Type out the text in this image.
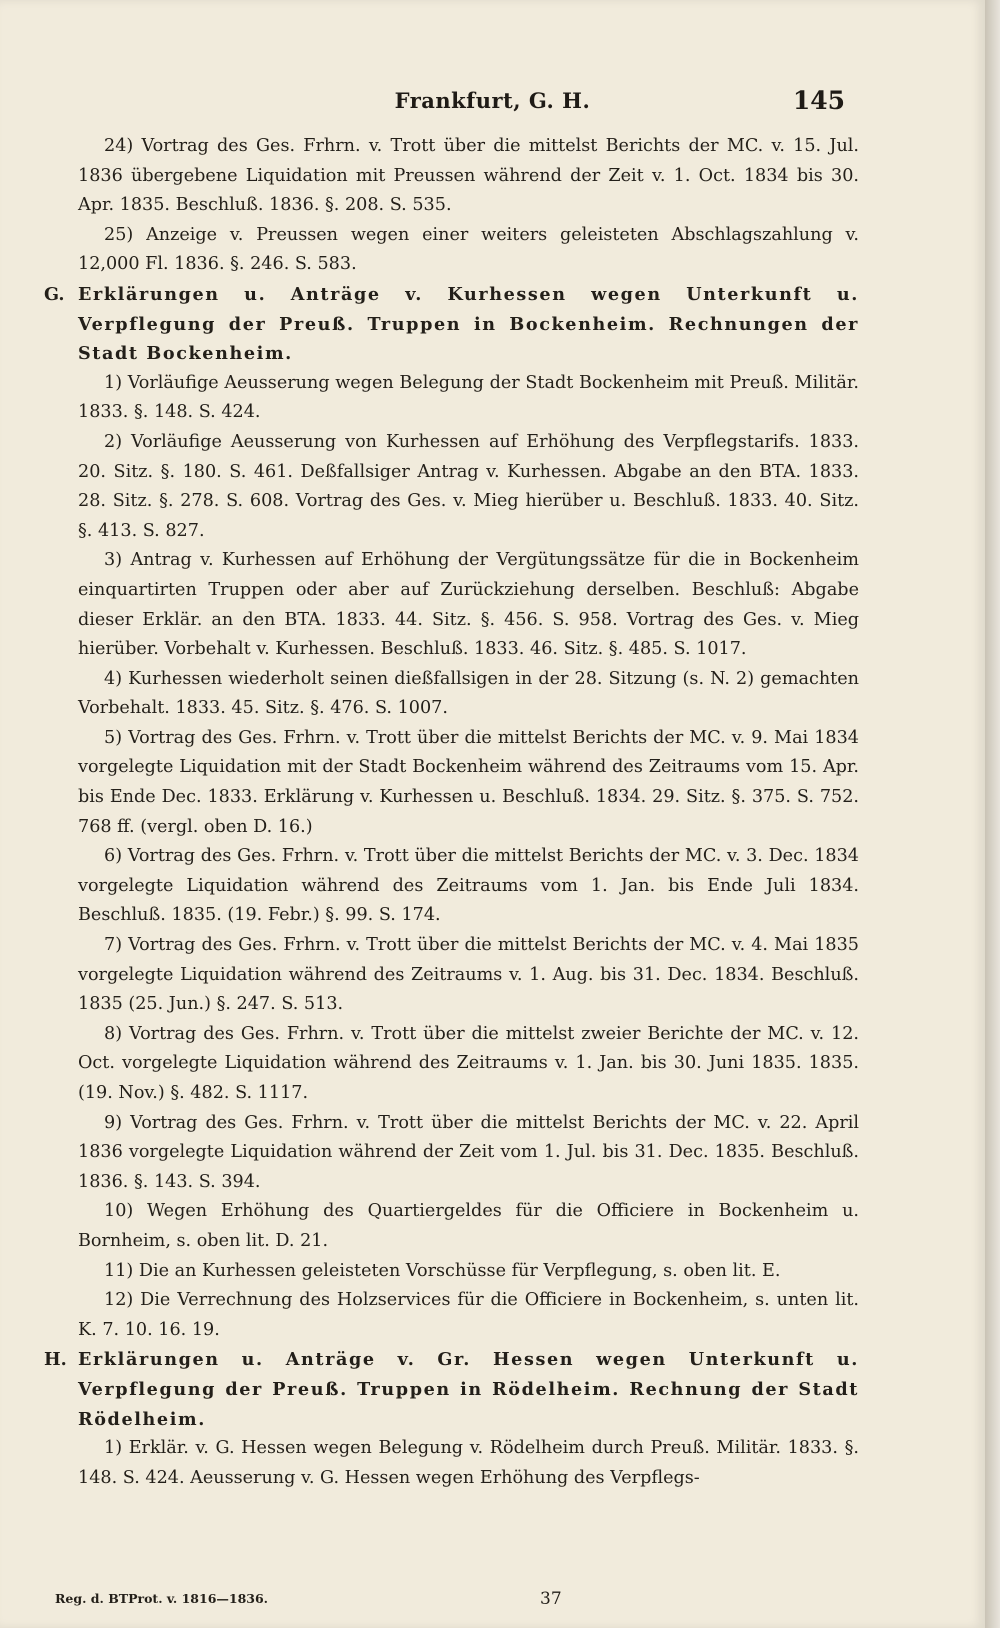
Frankfurt, G. H.	145

24) Vortrag des Ges. Frhrn. v. Trott über die mittelst Berichts der MC. v. 15. Jul. 1836 übergebene Liquidation mit Preussen während der Zeit v. 1. Oct. 1834 bis 30. Apr. 1835. Beschluß. 1836. §. 208. S. 535.

25) Anzeige v. Preussen wegen einer weiters geleisteten Abschlagszahlung v. 12,000 Fl. 1836. §. 246. S. 583.

G. Erklärungen u. Anträge v. Kurhessen wegen Unterkunft u. Verpflegung der Preuß. Truppen in Bockenheim. Rechnungen der Stadt Bockenheim.

1) Vorläufige Aeusserung wegen Belegung der Stadt Bockenheim mit Preuß. Militär. 1833. §. 148. S. 424.

2) Vorläufige Aeusserung von Kurhessen auf Erhöhung des Verpflegstarifs. 1833. 20. Sitz. §. 180. S. 461. Deßfallsiger Antrag v. Kurhessen. Abgabe an den BTA. 1833. 28. Sitz. §. 278. S. 608. Vortrag des Ges. v. Mieg hierüber u. Beschluß. 1833. 40. Sitz. §. 413. S. 827.

3) Antrag v. Kurhessen auf Erhöhung der Vergütungssätze für die in Bockenheim einquartirten Truppen oder aber auf Zurückziehung derselben. Beschluß: Abgabe dieser Erklär. an den BTA. 1833. 44. Sitz. §. 456. S. 958. Vortrag des Ges. v. Mieg hierüber. Vorbehalt v. Kurhessen. Beschluß. 1833. 46. Sitz. §. 485. S. 1017.

4) Kurhessen wiederholt seinen dießfallsigen in der 28. Sitzung (s. N. 2) gemachten Vorbehalt. 1833. 45. Sitz. §. 476. S. 1007.

5) Vortrag des Ges. Frhrn. v. Trott über die mittelst Berichts der MC. v. 9. Mai 1834 vorgelegte Liquidation mit der Stadt Bockenheim während des Zeitraums vom 15. Apr. bis Ende Dec. 1833. Erklärung v. Kurhessen u. Beschluß. 1834. 29. Sitz. §. 375. S. 752. 768 ff. (vergl. oben D. 16.)

6) Vortrag des Ges. Frhrn. v. Trott über die mittelst Berichts der MC. v. 3. Dec. 1834 vorgelegte Liquidation während des Zeitraums vom 1. Jan. bis Ende Juli 1834. Beschluß. 1835. (19. Febr.) §. 99. S. 174.

7) Vortrag des Ges. Frhrn. v. Trott über die mittelst Berichts der MC. v. 4. Mai 1835 vorgelegte Liquidation während des Zeitraums v. 1. Aug. bis 31. Dec. 1834. Beschluß. 1835 (25. Jun.) §. 247. S. 513.

8) Vortrag des Ges. Frhrn. v. Trott über die mittelst zweier Berichte der MC. v. 12. Oct. vorgelegte Liquidation während des Zeitraums v. 1. Jan. bis 30. Juni 1835. 1835. (19. Nov.) §. 482. S. 1117.

9) Vortrag des Ges. Frhrn. v. Trott über die mittelst Berichts der MC. v. 22. April 1836 vorgelegte Liquidation während der Zeit vom 1. Jul. bis 31. Dec. 1835. Beschluß. 1836. §. 143. S. 394.

10) Wegen Erhöhung des Quartiergeldes für die Officiere in Bockenheim u. Bornheim, s. oben lit. D. 21.

11) Die an Kurhessen geleisteten Vorschüsse für Verpflegung, s. oben lit. E.

12) Die Verrechnung des Holzservices für die Officiere in Bockenheim, s. unten lit. K. 7. 10. 16. 19.

H. Erklärungen u. Anträge v. Gr. Hessen wegen Unterkunft u. Verpflegung der Preuß. Truppen in Rödelheim. Rechnung der Stadt Rödelheim.

1) Erklär. v. G. Hessen wegen Belegung v. Rödelheim durch Preuß. Militär. 1833. §. 148. S. 424. Aeusserung v. G. Hessen wegen Erhöhung des Verpflegs-

Reg. d. BTProt. v. 1816—1836.	37
